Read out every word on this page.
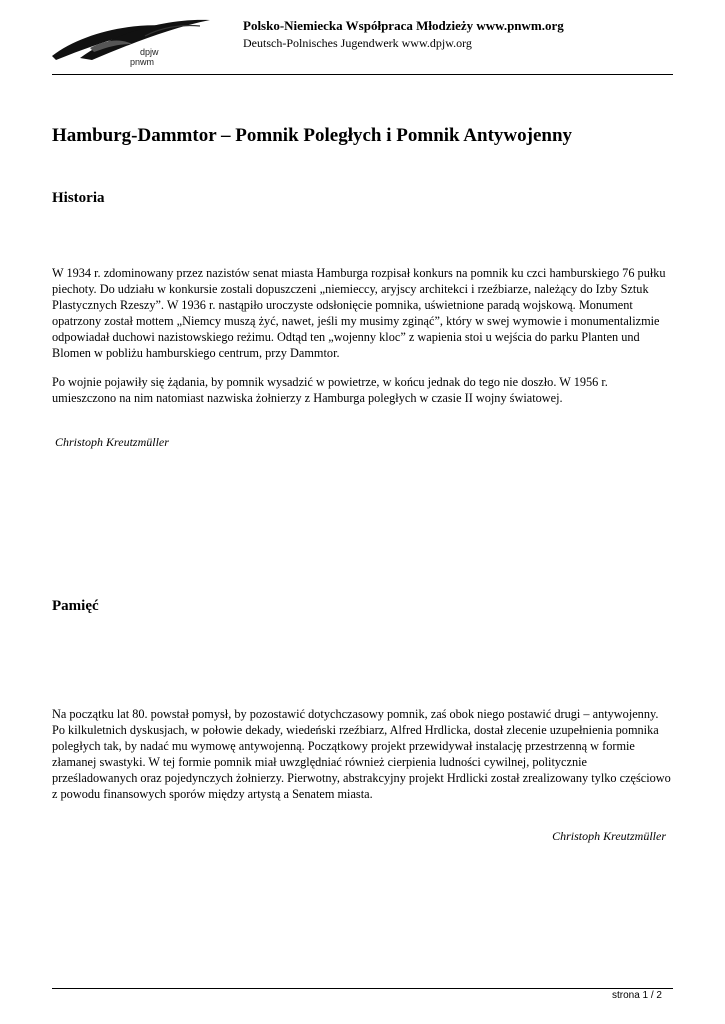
dpjw
pnwm
Polsko-Niemiecka Współpraca Młodzieży www.pnwm.org
Deutsch-Polnisches Jugendwerk www.dpjw.org
Hamburg-Dammtor – Pomnik Poległych i Pomnik Antywojenny
Historia

W 1934 r. zdominowany przez nazistów senat miasta Hamburga rozpisał konkurs na pomnik ku czci hamburskiego 76 pułku piechoty. Do udziału w konkursie zostali dopuszczeni „niemieccy, aryjscy architekci i rzeźbiarze, należący do Izby Sztuk Plastycznych Rzeszy”. W 1936 r. nastąpiło uroczyste odsłonięcie pomnika, uświetnione paradą wojskową. Monument opatrzony został mottem „Niemcy muszą żyć, nawet, jeśli my musimy zginąć”, który w swej wymowie i monumentalizmie odpowiadał duchowi nazistowskiego reżimu. Odtąd ten „wojenny kloc” z wapienia stoi u wejścia do parku Planten und Blomen w pobliżu hamburskiego centrum, przy Dammtor.

Po wojnie pojawiły się żądania, by pomnik wysadzić w powietrze, w końcu jednak do tego nie doszło. W 1956 r. umieszczono na nim natomiast nazwiska żołnierzy z Hamburga poległych w czasie II wojny światowej.

Christoph Kreutzmüller
Pamięć

Na początku lat 80. powstał pomysł, by pozostawić dotychczasowy pomnik, zaś obok niego postawić drugi – antywojenny. Po kilkuletnich dyskusjach, w połowie dekady, wiedeński rzeźbiarz, Alfred Hrdlicka, dostał zlecenie uzupełnienia pomnika poległych tak, by nadać mu wymowę antywojenną. Początkowy projekt przewidywał instalację przestrzenną w formie złamanej swastyki. W tej formie pomnik miał uwzględniać również cierpienia ludności cywilnej, politycznie prześladowanych oraz pojedynczych żołnierzy. Pierwotny, abstrakcyjny projekt Hrdlicki został zrealizowany tylko częściowo z powodu finansowych sporów między artystą a Senatem miasta.

Christoph Kreutzmüller
strona 1 / 2
